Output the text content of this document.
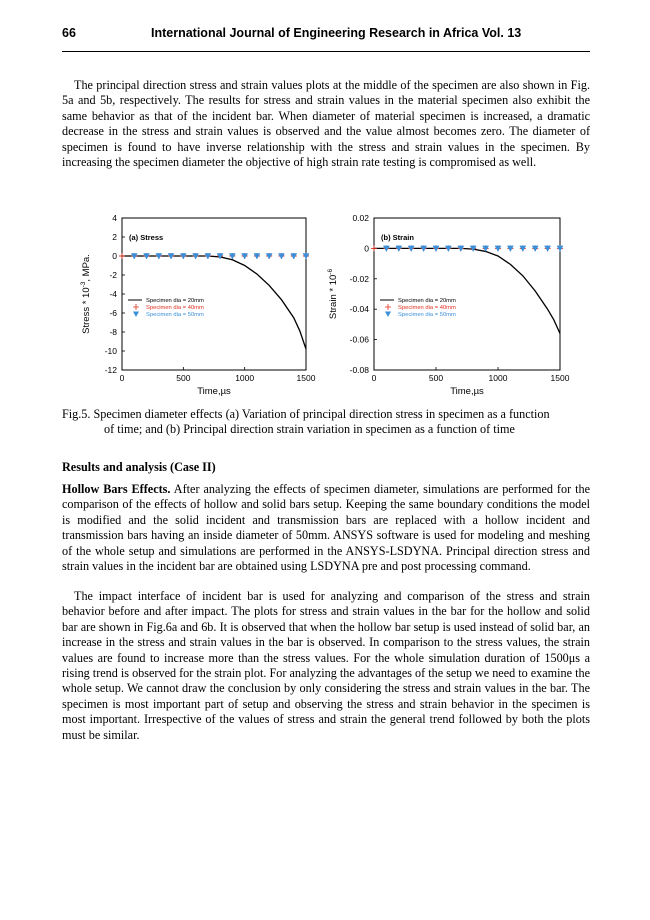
66	International Journal of Engineering Research in Africa Vol. 13

The principal direction stress and strain values plots at the middle of the specimen are also shown in Fig. 5a and 5b, respectively. The results for stress and strain values in the material specimen also exhibit the same behavior as that of the incident bar. When diameter of material specimen is increased, a dramatic decrease in the stress and strain values is observed and the value almost becomes zero. The diameter of specimen is found to have inverse relationship with the stress and strain values in the specimen. By increasing the specimen diameter the objective of high strain rate testing is compromised as well.

4
2
0
-2
-4
-6
-8
-10
-12
0	500	1000	1500
Time,µs
Stress * $10^{-3}$, MPa.
(a) Stress
Specimen dia = 20mm
Specimen dia = 40mm
Specimen dia = 50mm
0.02
0
-0.02
-0.04
-0.06
-0.08
0	500	1000	1500
Time,µs
Strain * $10^{-6}$
(b) Strain
Specimen dia = 20mm
Specimen dia = 40mm
Specimen dia = 50mm
Fig.5. Specimen diameter effects (a) Variation of principal direction stress in specimen as a function
of time; and (b) Principal direction strain variation in specimen as a function of time
Results and analysis (Case II)

Hollow Bars Effects. After analyzing the effects of specimen diameter, simulations are performed for the comparison of the effects of hollow and solid bars setup. Keeping the same boundary conditions the model is modified and the solid incident and transmission bars are replaced with a hollow incident and transmission bars having an inside diameter of 50mm. ANSYS software is used for modeling and meshing of the whole setup and simulations are performed in the ANSYS-LSDYNA. Principal direction stress and strain values in the incident bar are obtained using LSDYNA pre and post processing command.

The impact interface of incident bar is used for analyzing and comparison of the stress and strain behavior before and after impact. The plots for stress and strain values in the bar for the hollow and solid bar are shown in Fig.6a and 6b. It is observed that when the hollow bar setup is used instead of solid bar, an increase in the stress and strain values in the bar is observed. In comparison to the stress values, the strain values are found to increase more than the stress values. For the whole simulation duration of 1500μs a rising trend is observed for the strain plot. For analyzing the advantages of the setup we need to examine the whole setup. We cannot draw the conclusion by only considering the stress and strain values in the bar. The specimen is most important part of setup and observing the stress and strain behavior in the specimen is most important. Irrespective of the values of stress and strain the general trend followed by both the plots must be similar.
